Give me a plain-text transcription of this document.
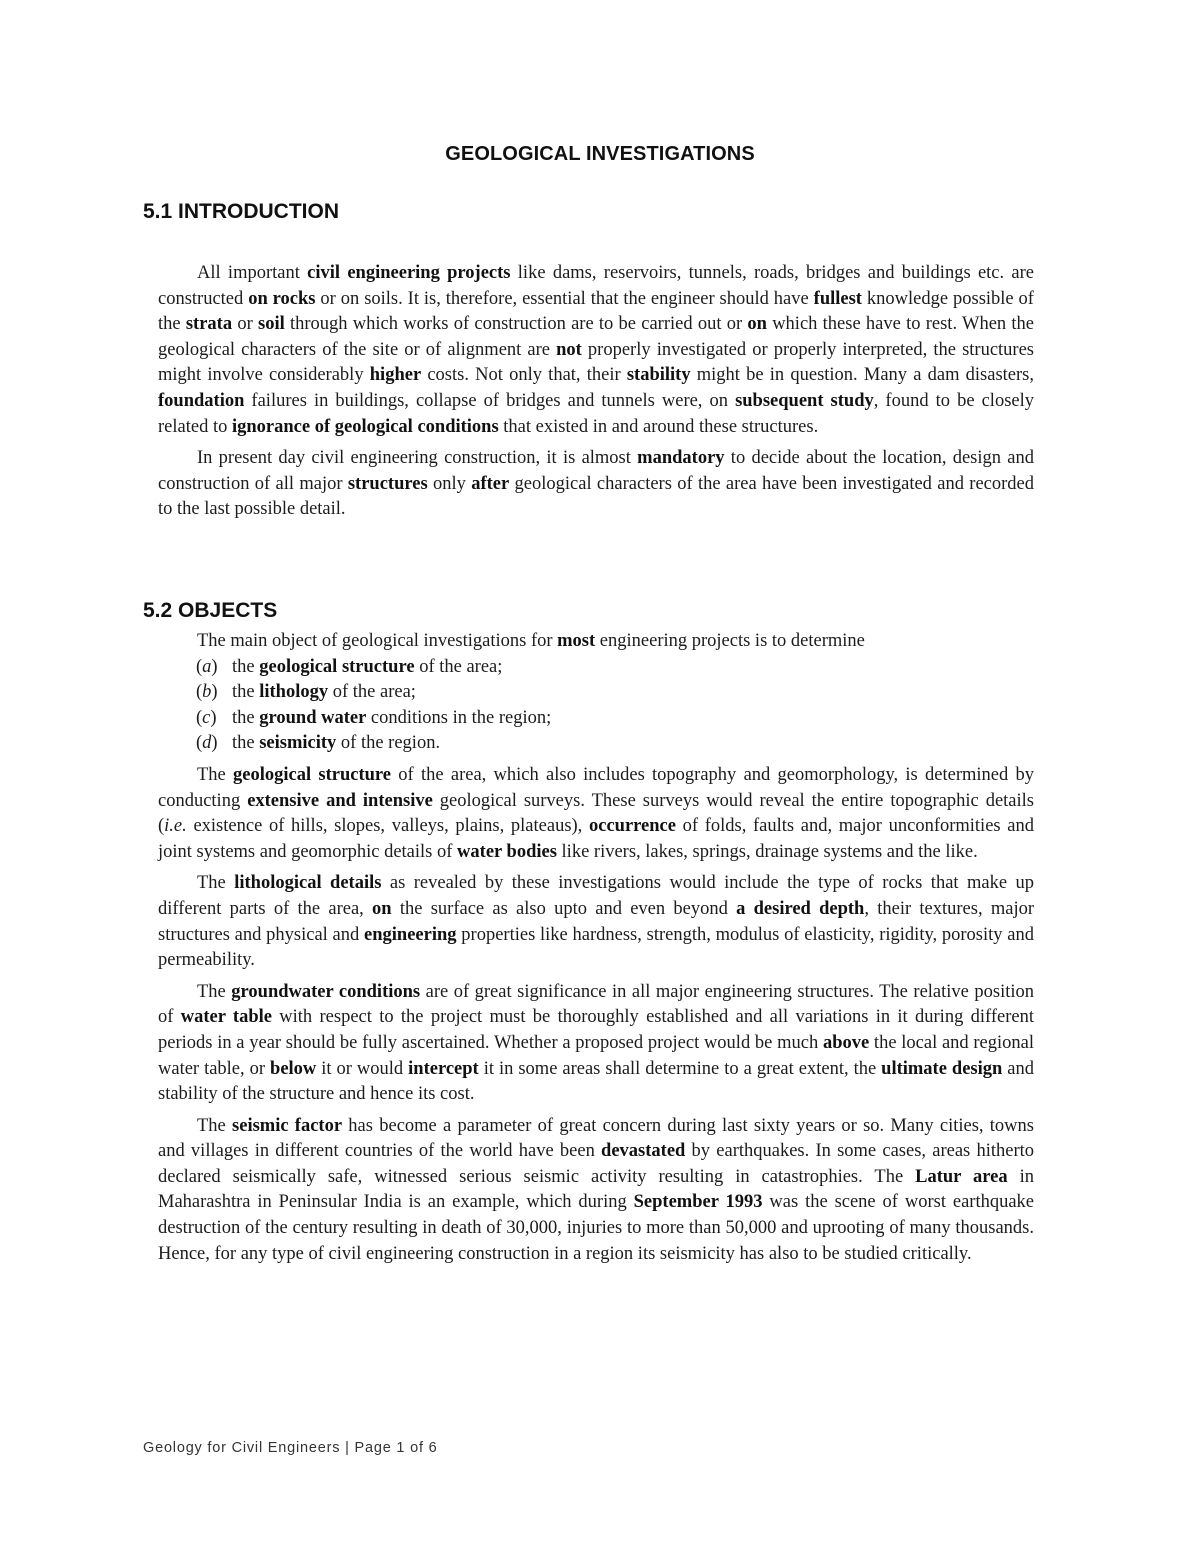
GEOLOGICAL INVESTIGATIONS
5.1 INTRODUCTION

All important civil engineering projects like dams, reservoirs, tunnels, roads, bridges and buildings etc. are constructed on rocks or on soils. It is, therefore, essential that the engineer should have fullest knowledge possible of the strata or soil through which works of construction are to be carried out or on which these have to rest. When the geological characters of the site or of alignment are not properly investigated or properly interpreted, the structures might involve considerably higher costs. Not only that, their stability might be in question. Many a dam disasters, foundation failures in buildings, collapse of bridges and tunnels were, on subsequent study, found to be closely related to ignorance of geological conditions that existed in and around these structures.

In present day civil engineering construction, it is almost mandatory to decide about the location, design and construction of all major structures only after geological characters of the area have been investigated and recorded to the last possible detail.

5.2 OBJECTS

The main object of geological investigations for most engineering projects is to determine

(a) the geological structure of the area;

(b) the lithology of the area;

(c) the ground water conditions in the region;

(d) the seismicity of the region.

The geological structure of the area, which also includes topography and geomorphology, is determined by conducting extensive and intensive geological surveys. These surveys would reveal the entire topographic details (i.e. existence of hills, slopes, valleys, plains, plateaus), occurrence of folds, faults and, major unconformities and joint systems and geomorphic details of water bodies like rivers, lakes, springs, drainage systems and the like.

The lithological details as revealed by these investigations would include the type of rocks that make up different parts of the area, on the surface as also upto and even beyond a desired depth, their textures, major structures and physical and engineering properties like hardness, strength, modulus of elasticity, rigidity, porosity and permeability.

The groundwater conditions are of great significance in all major engineering structures. The relative position of water table with respect to the project must be thoroughly established and all variations in it during different periods in a year should be fully ascertained. Whether a proposed project would be much above the local and regional water table, or below it or would intercept it in some areas shall determine to a great extent, the ultimate design and stability of the structure and hence its cost.

The seismic factor has become a parameter of great concern during last sixty years or so. Many cities, towns and villages in different countries of the world have been devastated by earthquakes. In some cases, areas hitherto declared seismically safe, witnessed serious seismic activity resulting in catastrophies. The Latur area in Maharashtra in Peninsular India is an example, which during September 1993 was the scene of worst earthquake destruction of the century resulting in death of 30,000, injuries to more than 50,000 and uprooting of many thousands. Hence, for any type of civil engineering construction in a region its seismicity has also to be studied critically.

Geology for Civil Engineers | Page 1 of 6
